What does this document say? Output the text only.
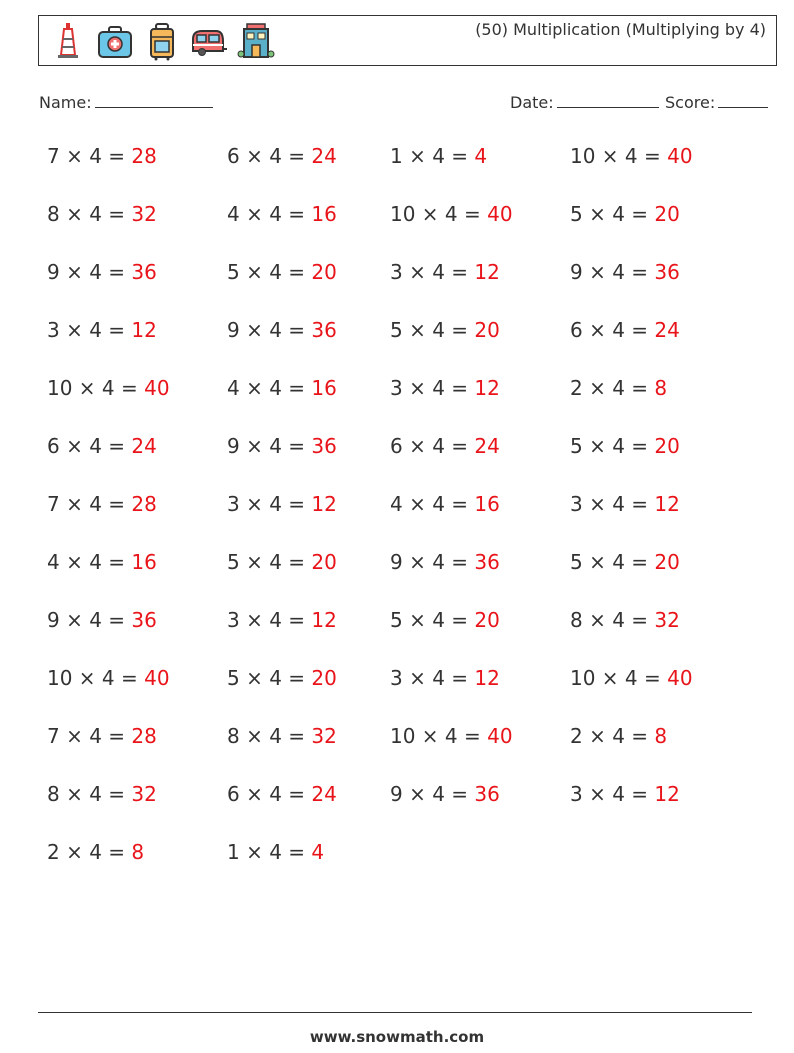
(50) Multiplication (Multiplying by 4)
Name:	Date:	Score:
7 × 4 = 28	6 × 4 = 24	1 × 4 = 4	10 × 4 = 40
8 × 4 = 32	4 × 4 = 16	10 × 4 = 40	5 × 4 = 20
9 × 4 = 36	5 × 4 = 20	3 × 4 = 12	9 × 4 = 36
3 × 4 = 12	9 × 4 = 36	5 × 4 = 20	6 × 4 = 24
10 × 4 = 40	4 × 4 = 16	3 × 4 = 12	2 × 4 = 8
6 × 4 = 24	9 × 4 = 36	6 × 4 = 24	5 × 4 = 20
7 × 4 = 28	3 × 4 = 12	4 × 4 = 16	3 × 4 = 12
4 × 4 = 16	5 × 4 = 20	9 × 4 = 36	5 × 4 = 20
9 × 4 = 36	3 × 4 = 12	5 × 4 = 20	8 × 4 = 32
10 × 4 = 40	5 × 4 = 20	3 × 4 = 12	10 × 4 = 40
7 × 4 = 28	8 × 4 = 32	10 × 4 = 40	2 × 4 = 8
8 × 4 = 32	6 × 4 = 24	9 × 4 = 36	3 × 4 = 12
2 × 4 = 8	1 × 4 = 4
www.snowmath.com
